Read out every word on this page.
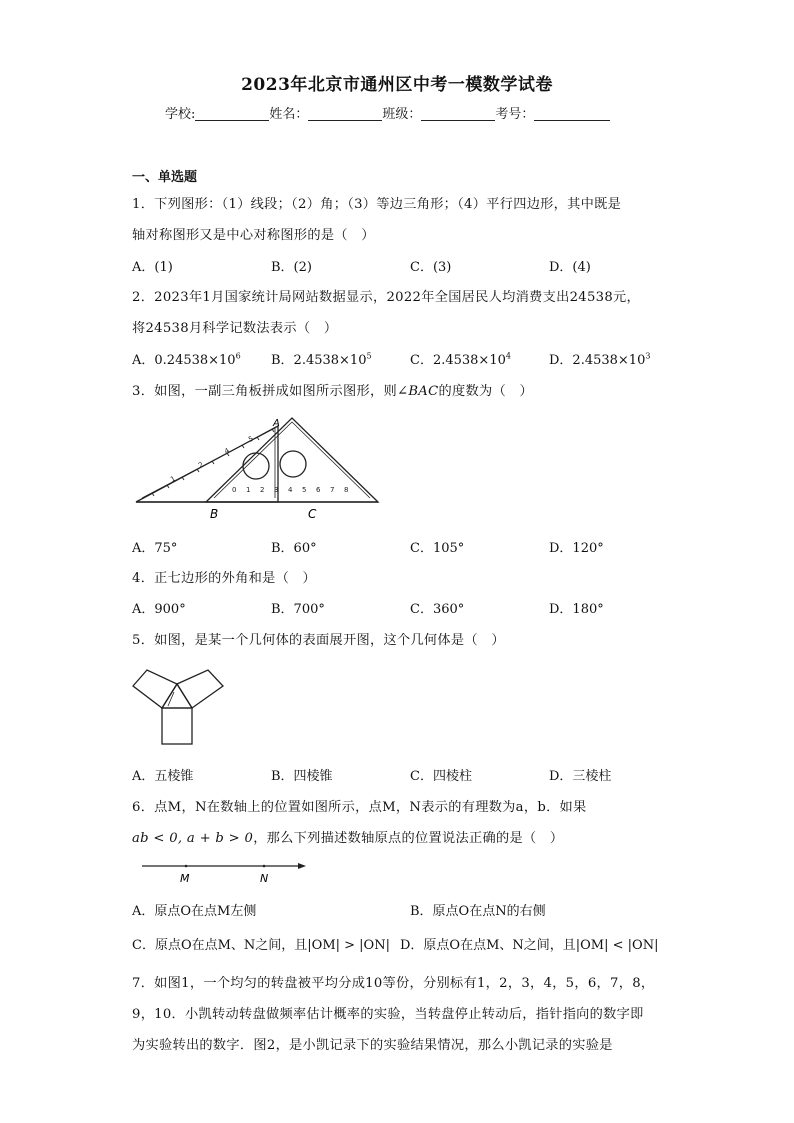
2023年北京市通州区中考一模数学试卷
学校:	姓名：	班级：	考号：
一、单选题
1．下列图形：（1）线段；（2）角；（3）等边三角形；（4）平行四边形，其中既是
轴对称图形又是中心对称图形的是（　）
A．(1)	B．(2)	C．(3)	D．(4)
2．2023年1月国家统计局网站数据显示，2022年全国居民人均消费支出24538元，
将24538月科学记数法表示（　）
A．$0.24538\times 10^6$ B．$2.4538\times 10^5$	C．$2.4538\times 10^4$	D．$2.4538\times 10^3$
3．如图，一副三角板拼成如图所示图形，则∠BAC的度数为（　）
0 1 2 3 4 5 6 7 8
1
2
4
5
A
B	C
A．75°	B．60°	C．105°	D．120°
4．正七边形的外角和是（　）
A．900°	B．700°	C．360°	D．180°
5．如图，是某一个几何体的表面展开图，这个几何体是（　）
A．五棱锥	B．四棱锥	C．四棱柱	D．三棱柱
6．点M，N在数轴上的位置如图所示，点M，N表示的有理数为a，b．如果
ab < 0, a + b > 0，那么下列描述数轴原点的位置说法正确的是（　）
M	N
A．原点O在点M左侧	B．原点O在点N的右侧
C．原点O在点M、N之间，且|OM| > |ON| D．原点O在点M、N之间，且|OM| < |ON|
7．如图1，一个均匀的转盘被平均分成10等份，分别标有1，2，3，4，5，6，7，8，
9，10．小凯转动转盘做频率估计概率的实验，当转盘停止转动后，指针指向的数字即
为实验转出的数字．图2，是小凯记录下的实验结果情况，那么小凯记录的实验是
